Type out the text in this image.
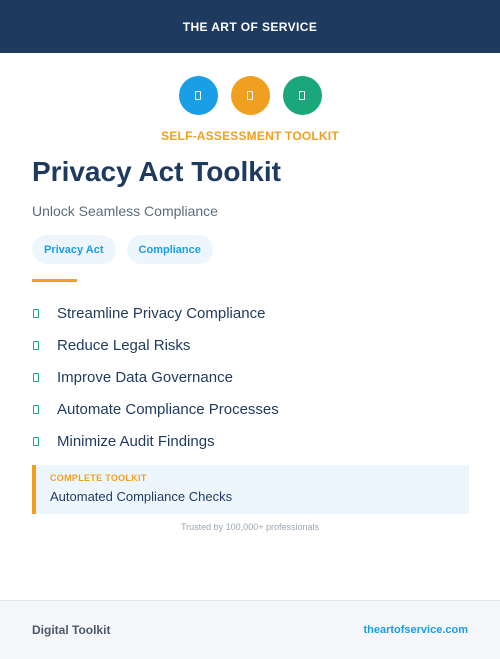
THE ART OF SERVICE
SELF-ASSESSMENT TOOLKIT
Privacy Act Toolkit
Unlock Seamless Compliance
Privacy Act	Compliance
Streamline Privacy Compliance
Reduce Legal Risks
Improve Data Governance
Automate Compliance Processes
Minimize Audit Findings
COMPLETE TOOLKIT
Automated Compliance Checks
Trusted by 100,000+ professionals
Digital Toolkit	theartofservice.com
